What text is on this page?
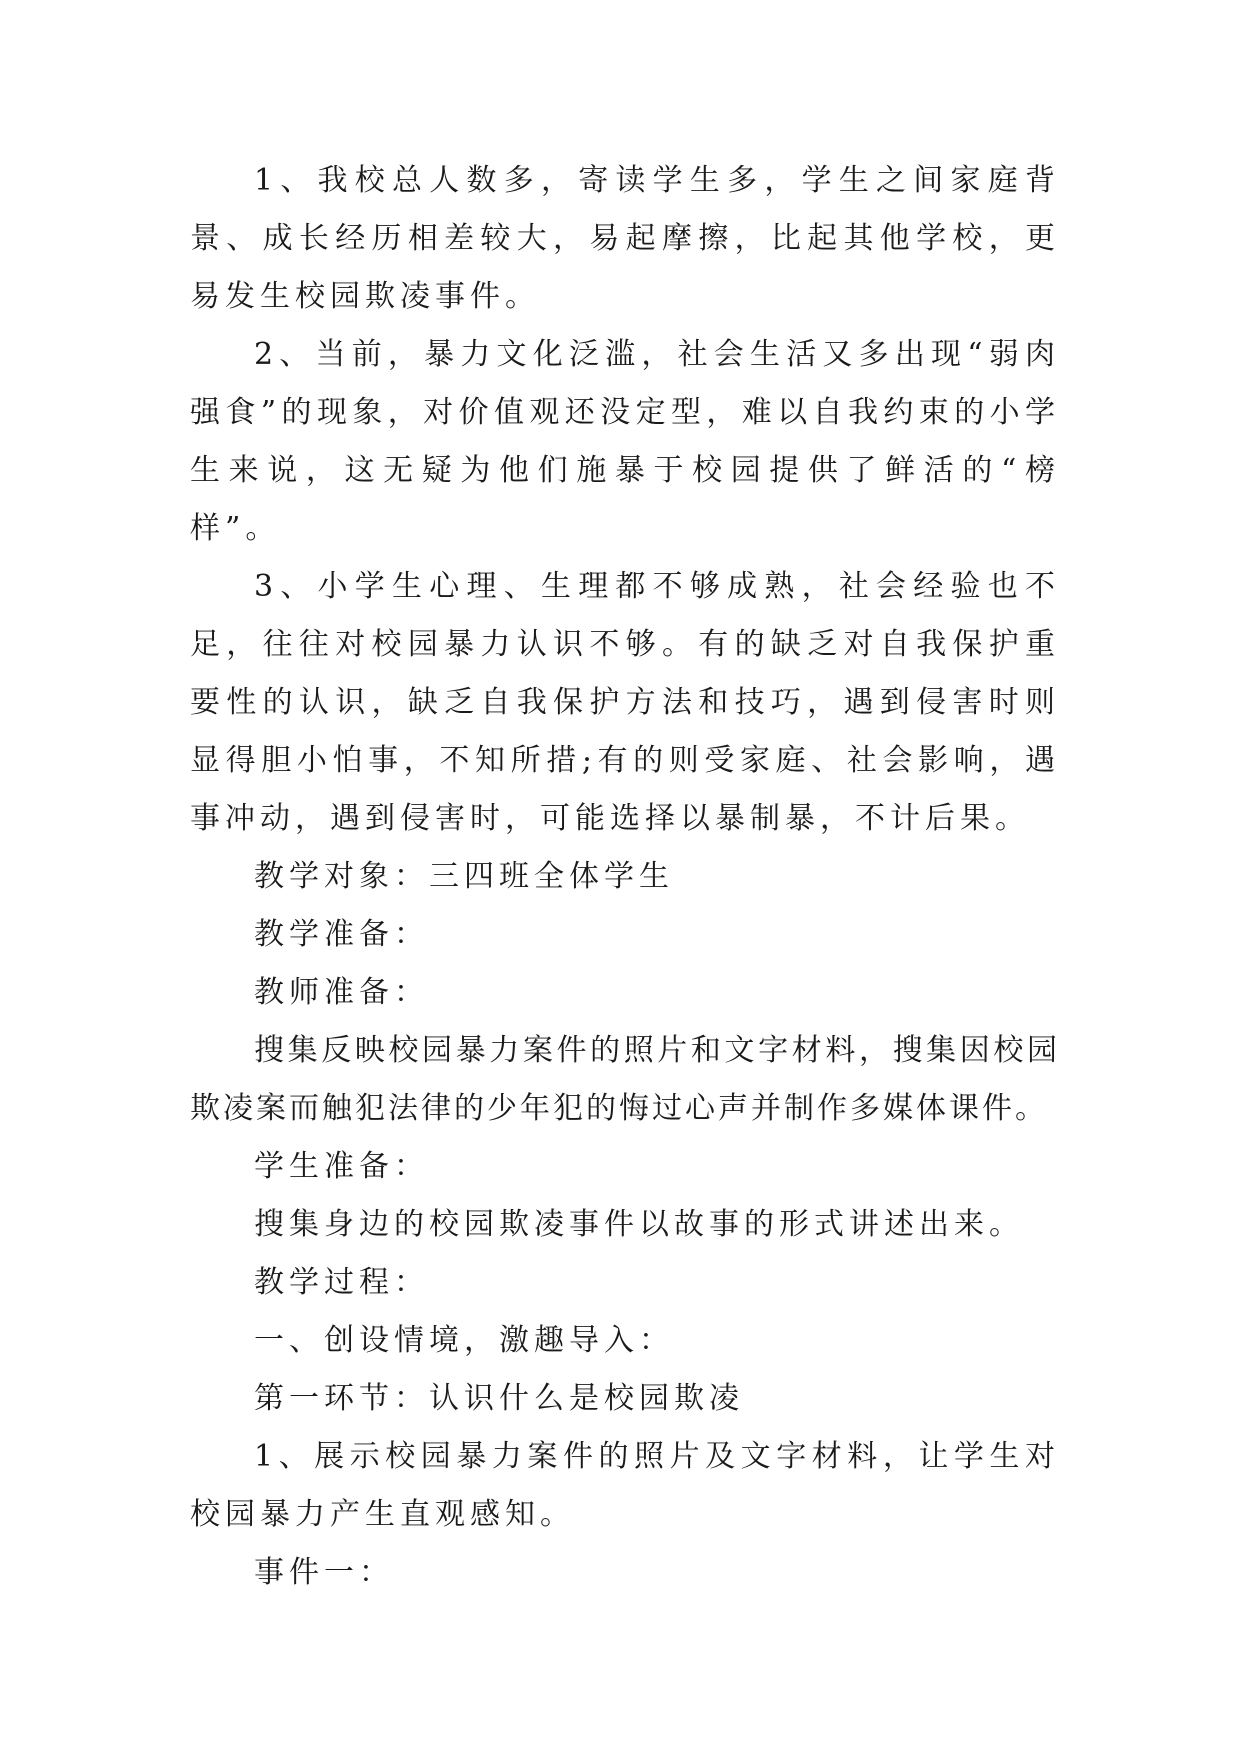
1、我校总人数多，寄读学生多，学生之间家庭背景、成长经历相差较大，易起摩擦，比起其他学校，更易发生校园欺凌事件。

2、当前，暴力文化泛滥，社会生活又多出现“弱肉强食”的现象，对价值观还没定型，难以自我约束的小学生来说，这无疑为他们施暴于校园提供了鲜活的“榜样”。

3、小学生心理、生理都不够成熟，社会经验也不足，往往对校园暴力认识不够。有的缺乏对自我保护重要性的认识，缺乏自我保护方法和技巧，遇到侵害时则显得胆小怕事，不知所措;有的则受家庭、社会影响，遇事冲动，遇到侵害时，可能选择以暴制暴，不计后果。

教学对象：三四班全体学生

教学准备：

教师准备：

搜集反映校园暴力案件的照片和文字材料，搜集因校园欺凌案而触犯法律的少年犯的悔过心声并制作多媒体课件。

学生准备：

搜集身边的校园欺凌事件以故事的形式讲述出来。

教学过程：

一、创设情境，激趣导入：

第一环节：认识什么是校园欺凌

1、展示校园暴力案件的照片及文字材料，让学生对校园暴力产生直观感知。

事件一：
